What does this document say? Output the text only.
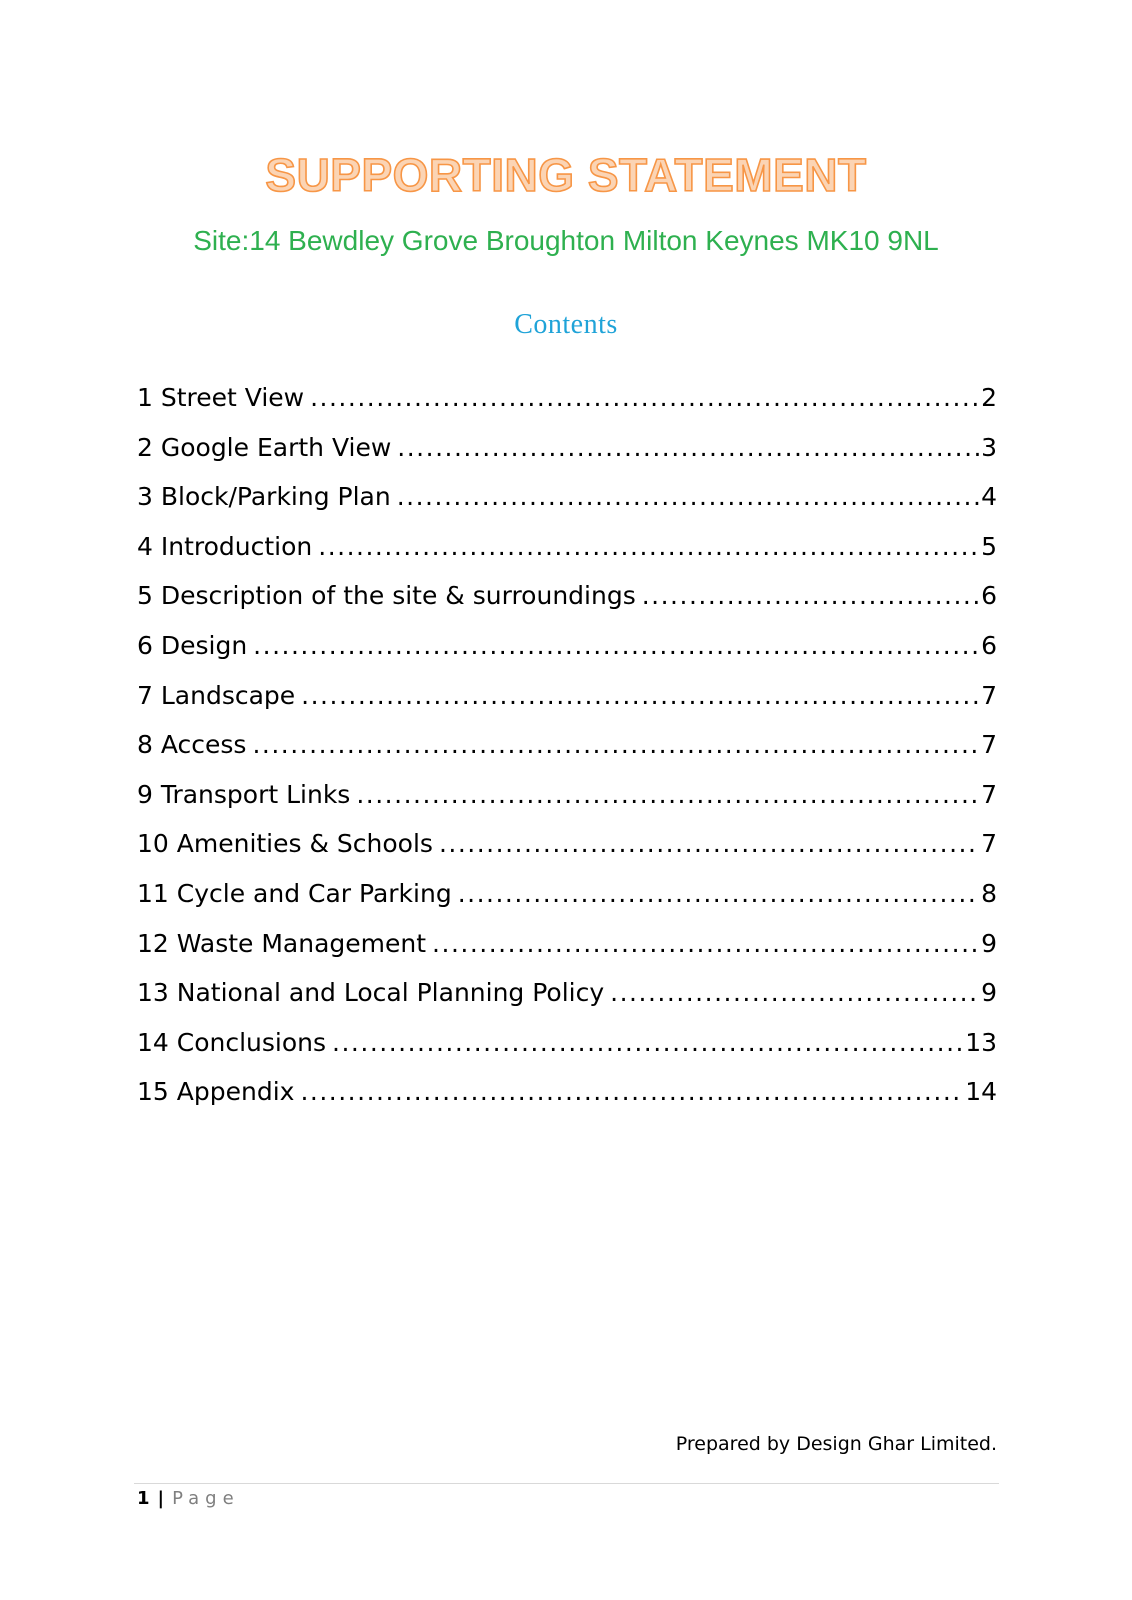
SUPPORTING STATEMENT
Site:14 Bewdley Grove Broughton Milton Keynes MK10 9NL
Contents
1 Street View .....	2
2 Google Earth View .....	3
3 Block/Parking Plan .....	4
4 Introduction .....	5
5 Description of the site & surroundings .....	6
6 Design .....	6
7 Landscape .....	7
8 Access .....	7
9 Transport Links .....	7
10 Amenities & Schools .....	7
11 Cycle and Car Parking .....	8
12 Waste Management .....	9
13 National and Local Planning Policy .....	9
14 Conclusions .....	13
15 Appendix .....	14
Prepared by Design Ghar Limited.
1 | Page
